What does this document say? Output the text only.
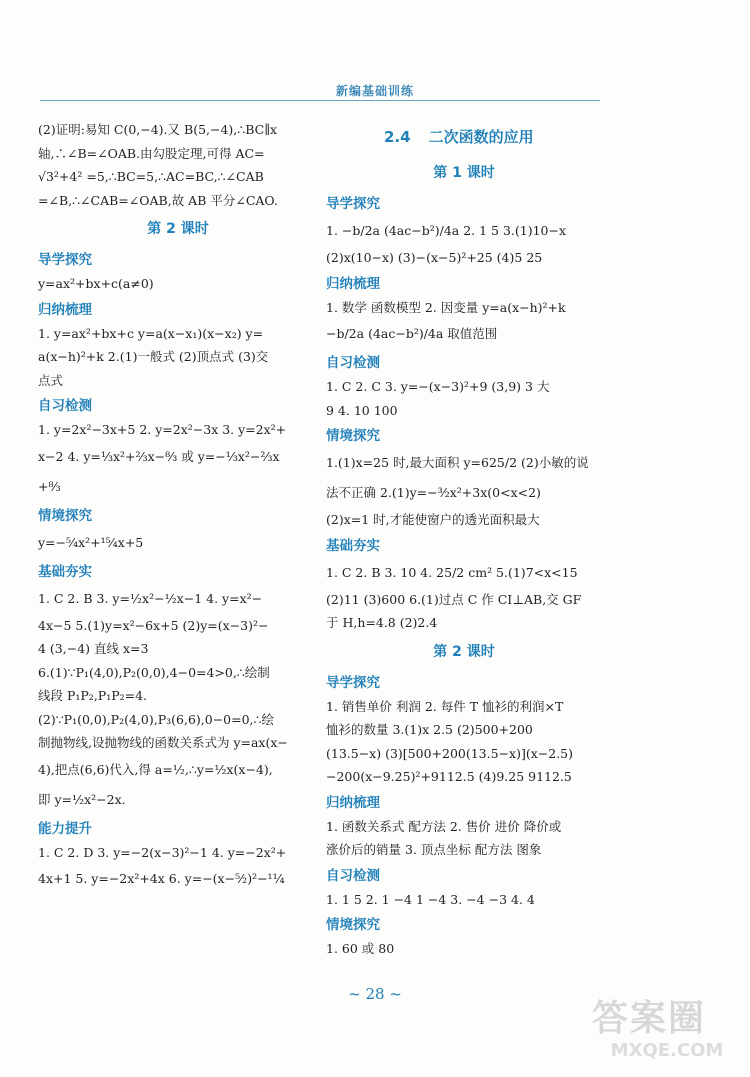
新编基础训练
(2)证明:易知 C(0,−4).又 B(5,−4),∴BC∥x
轴,∴∠B=∠OAB.由勾股定理,可得 AC=
√3²+4² =5,∴BC=5,∴AC=BC,∴∠CAB
=∠B,∴∠CAB=∠OAB,故 AB 平分∠CAO.
第 2 课时
导学探究
y=ax²+bx+c(a≠0)
归纳梳理
1. y=ax²+bx+c y=a(x−x₁)(x−x₂) y=
a(x−h)²+k 2.(1)一般式 (2)顶点式 (3)交
点式
自习检测
1. y=2x²−3x+5 2. y=2x²−3x 3. y=2x²+
x−2 4. y=¹⁄₃x²+²⁄₃x−⁸⁄₃ 或 y=−¹⁄₃x²−²⁄₃x
+⁸⁄₃
情境探究
y=−⁵⁄₄x²+¹⁵⁄₄x+5
基础夯实
1. C 2. B 3. y=½x²−½x−1 4. y=x²−
4x−5 5.(1)y=x²−6x+5 (2)y=(x−3)²−
4 (3,−4) 直线 x=3
6.(1)∵P₁(4,0),P₂(0,0),4−0=4>0,∴绘制
线段 P₁P₂,P₁P₂=4.
(2)∵P₁(0,0),P₂(4,0),P₃(6,6),0−0=0,∴绘
制抛物线,设抛物线的函数关系式为 y=ax(x−
4),把点(6,6)代入,得 a=½,∴y=½x(x−4),
即 y=½x²−2x.
能力提升
1. C 2. D 3. y=−2(x−3)²−1 4. y=−2x²+
4x+1 5. y=−2x²+4x 6. y=−(x−⁵⁄₂)²−¹¹⁄₄
2.4 二次函数的应用
第 1 课时
导学探究
1. −b/2a (4ac−b²)/4a 2. 1 5 3.(1)10−x
(2)x(10−x) (3)−(x−5)²+25 (4)5 25
归纳梳理
1. 数学 函数模型 2. 因变量 y=a(x−h)²+k
−b/2a (4ac−b²)/4a 取值范围
自习检测
1. C 2. C 3. y=−(x−3)²+9 (3,9) 3 大
9 4. 10 100
情境探究
1.(1)x=25 时,最大面积 y=625/2 (2)小敏的说
法不正确 2.(1)y=−³⁄₂x²+3x(0<x<2)
(2)x=1 时,才能使窗户的透光面积最大
基础夯实
1. C 2. B 3. 10 4. 25/2 cm² 5.(1)7<x<15
(2)11 (3)600 6.(1)过点 C 作 CI⊥AB,交 GF
于 H,h=4.8 (2)2.4
第 2 课时
导学探究
1. 销售单价 利润 2. 每件 T 恤衫的利润×T
恤衫的数量 3.(1)x 2.5 (2)500+200
(13.5−x) (3)[500+200(13.5−x)](x−2.5)
−200(x−9.25)²+9112.5 (4)9.25 9112.5
归纳梳理
1. 函数关系式 配方法 2. 售价 进价 降价或
涨价后的销量 3. 顶点坐标 配方法 图象
自习检测
1. 1 5 2. 1 −4 1 −4 3. −4 −3 4. 4
情境探究
1. 60 或 80
~ 28 ~
答案圈
MXQE.COM
